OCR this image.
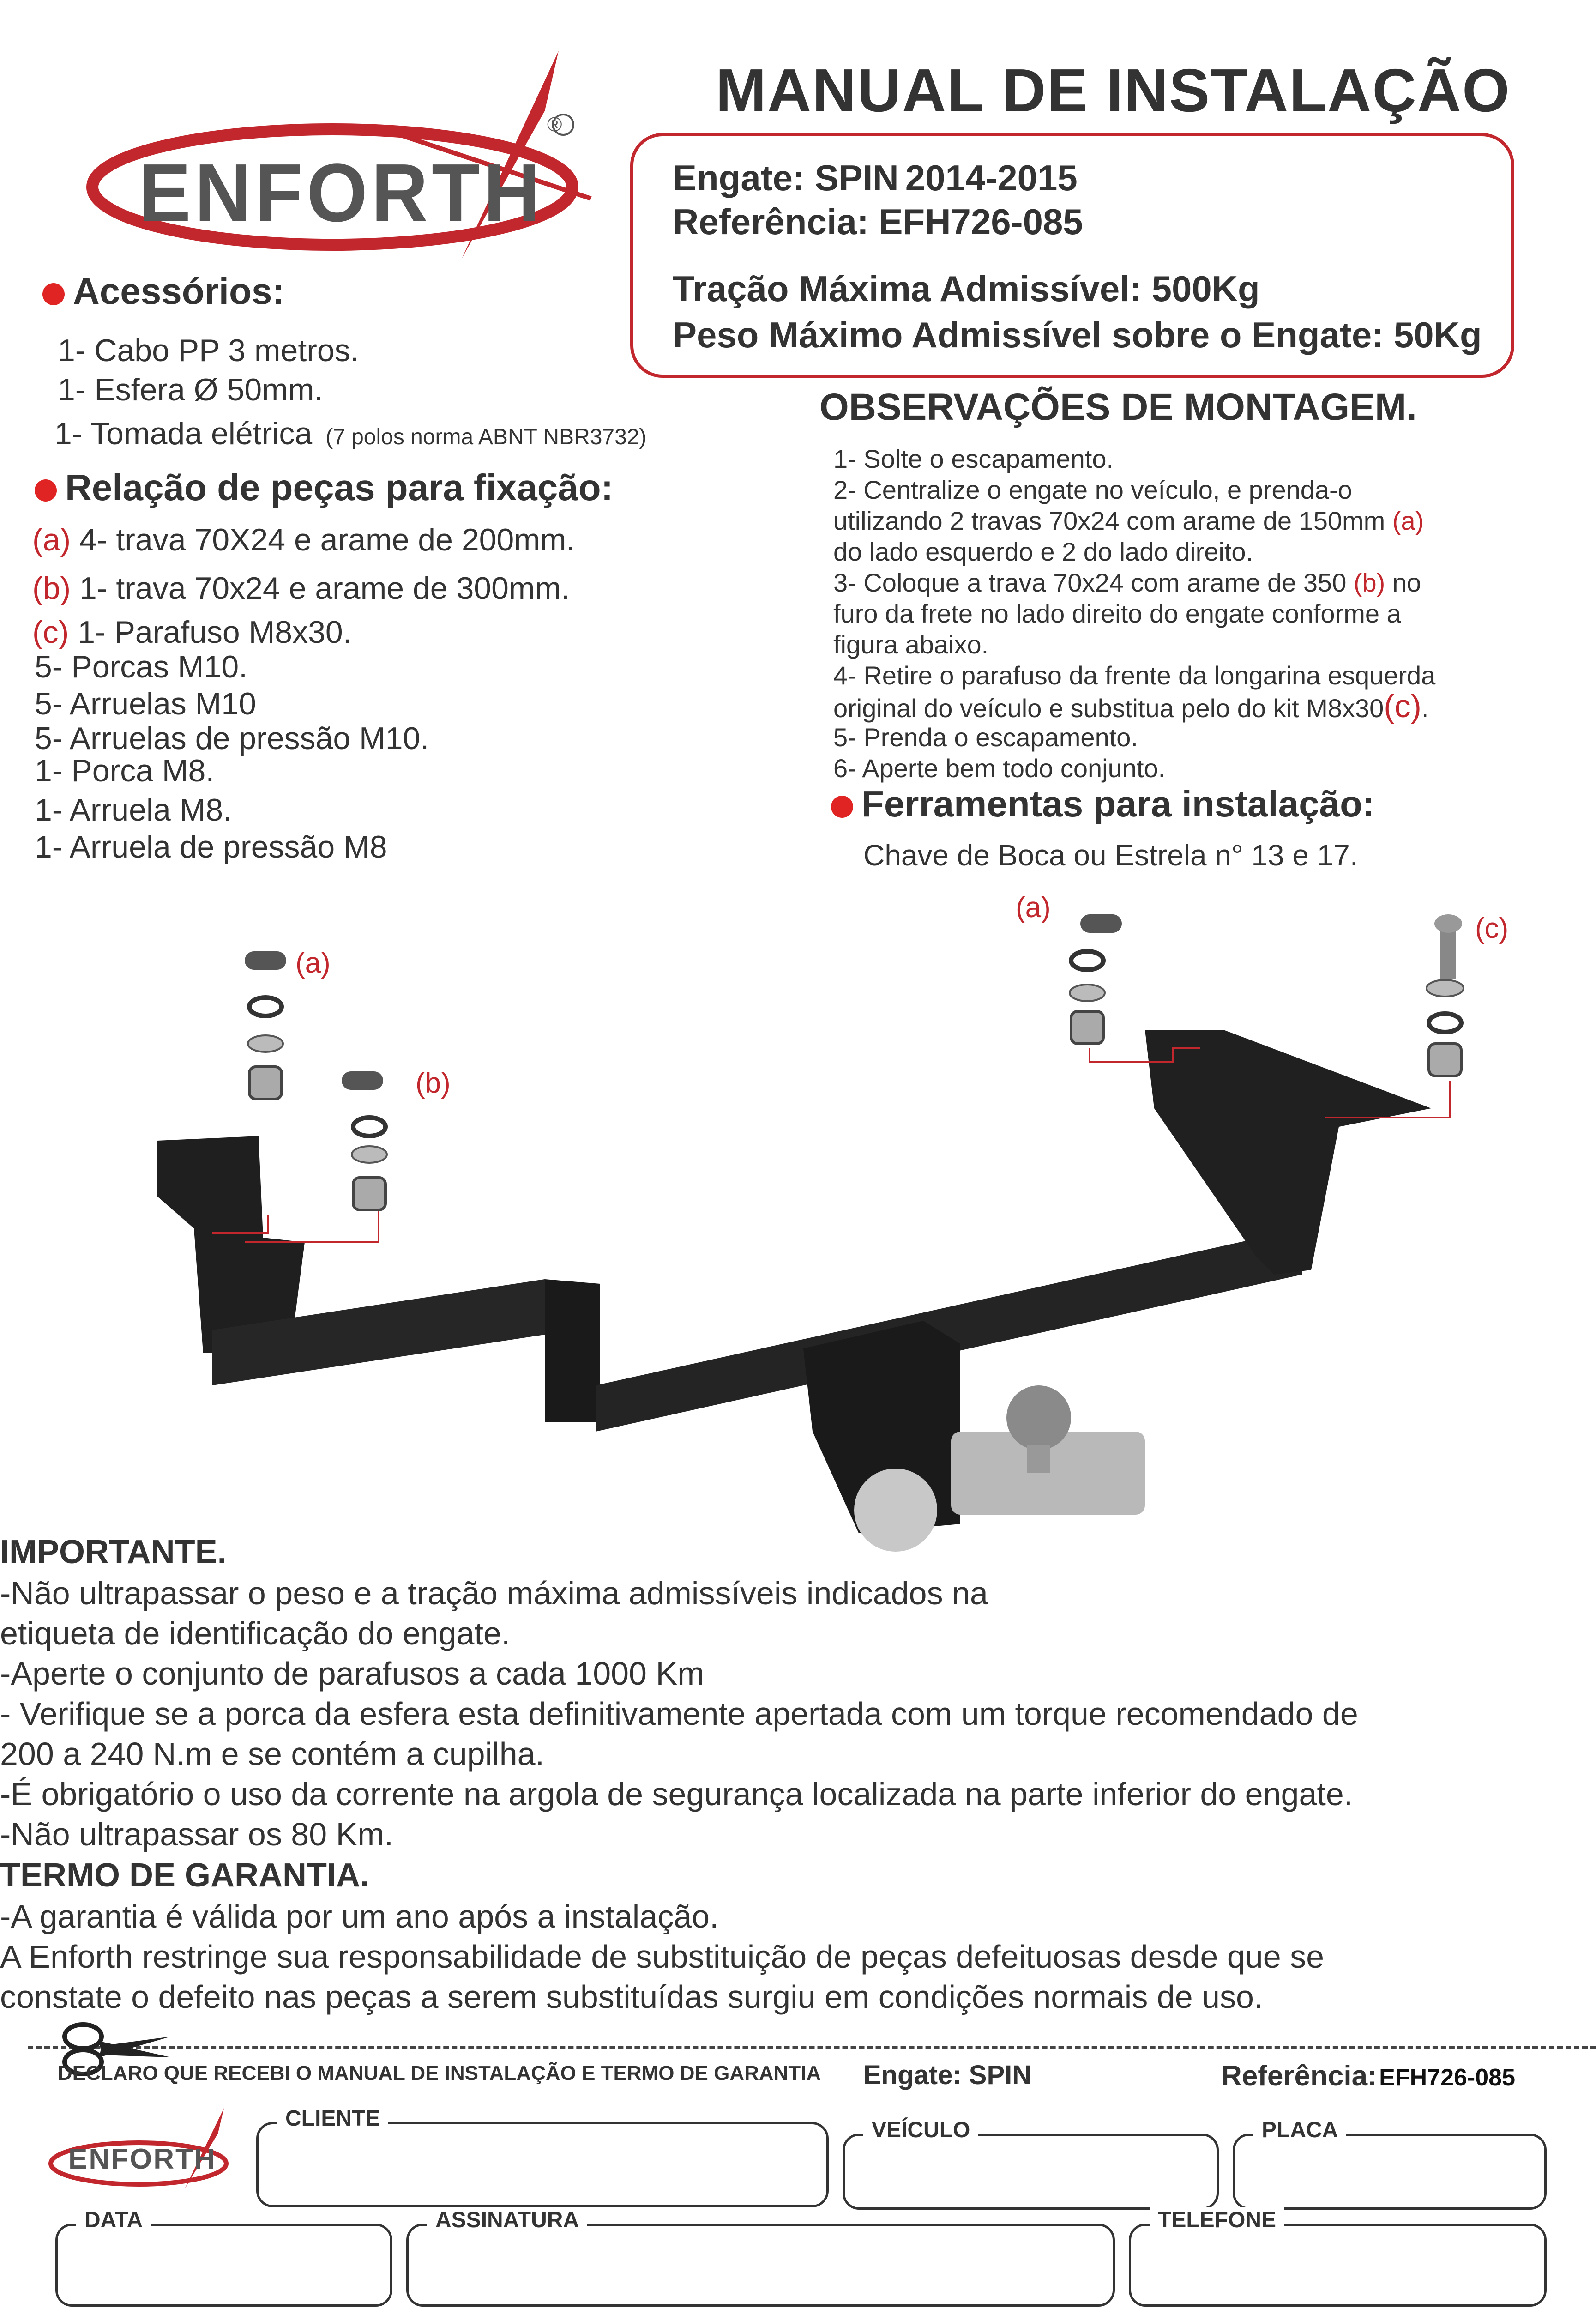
ENFORTH
®
MANUAL DE INSTALAÇÃO
Engate: SPIN 2014-2015
Referência: EFH726-085
Tração Máxima Admissível: 500Kg
Peso Máximo Admissível sobre o Engate: 50Kg
Acessórios:
1- Cabo PP 3 metros.
1- Esfera Ø 50mm.
1- Tomada elétrica (7 polos norma ABNT NBR3732)
Relação de peças para fixação:
(a) 4- trava 70X24 e arame de 200mm.
(b) 1- trava 70x24 e arame de 300mm.
(c) 1- Parafuso M8x30.
5- Porcas M10.
5- Arruelas M10
5- Arruelas de pressão M10.
1- Porca M8.
1- Arruela M8.
1- Arruela de pressão M8
OBSERVAÇÕES DE MONTAGEM.
1- Solte o escapamento.
2- Centralize o engate no veículo, e prenda-o
utilizando 2 travas 70x24 com arame de 150mm (a)
do lado esquerdo e 2 do lado direito.
3- Coloque a trava 70x24 com arame de 350 (b) no
furo da frete no lado direito do engate conforme a
figura abaixo.
4- Retire o parafuso da frente da longarina esquerda
original do veículo e substitua pelo do kit M8x30(c).
5- Prenda o escapamento.
6- Aperte bem todo conjunto.
Ferramentas para instalação:
Chave de Boca ou Estrela n° 13 e 17.
(a)
(b)
(a)
(c)
IMPORTANTE.
-Não ultrapassar o peso e a tração máxima admissíveis indicados na
etiqueta de identificação do engate.
-Aperte o conjunto de parafusos a cada 1000 Km
- Verifique se a porca da esfera esta definitivamente apertada com um torque recomendado de
200 a 240 N.m e se contém a cupilha.
-É obrigatório o uso da corrente na argola de segurança localizada na parte inferior do engate.
-Não ultrapassar os 80 Km.
TERMO DE GARANTIA.
-A garantia é válida por um ano após a instalação.
A Enforth restringe sua responsabilidade de substituição de peças defeituosas desde que se
constate o defeito nas peças a serem substituídas surgiu em condições normais de uso.
DECLARO QUE RECEBI O MANUAL DE INSTALAÇÃO E TERMO DE GARANTIA Engate: SPIN	Referência: EFH726-085
ENFORTH
CLIENTE	VEÍCULO	PLACA
DATA	ASSINATURA	TELEFONE
